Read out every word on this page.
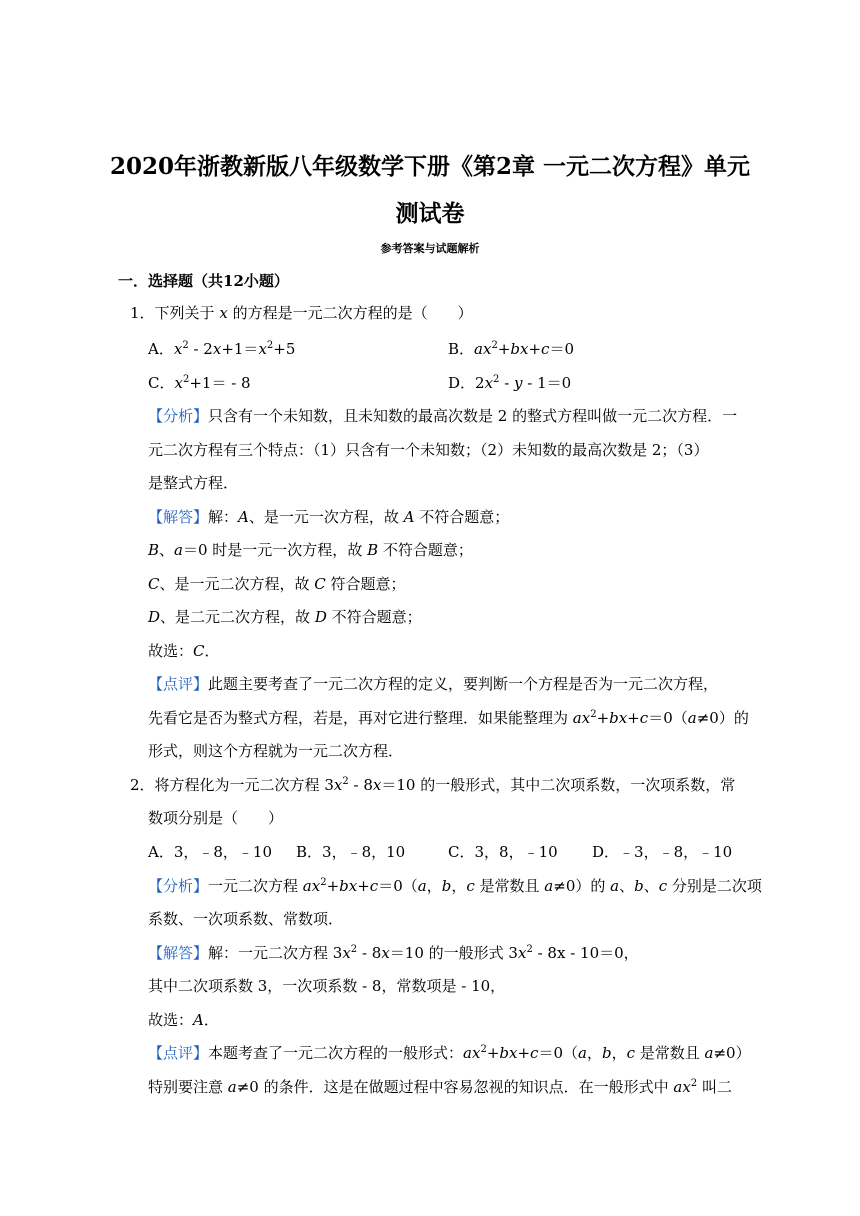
2020年浙教新版八年级数学下册《第2章 一元二次方程》单元
测试卷
参考答案与试题解析
一．选择题（共12小题）
1．下列关于 x 的方程是一元二次方程的是（　　）
A．$x^2 - 2x+1=x^2+5$	B．$ax^2+bx+c=0$
C．$x^2+1= - 8$	D．$2x^2 - y - 1=0$
【分析】只含有一个未知数，且未知数的最高次数是 2 的整式方程叫做一元二次方程．一
元二次方程有三个特点：（1）只含有一个未知数；（2）未知数的最高次数是 2；（3）
是整式方程．
【解答】解：A、是一元一次方程，故 A 不符合题意；
B、a＝0 时是一元一次方程，故 B 不符合题意；
C、是一元二次方程，故 C 符合题意；
D、是二元二次方程，故 D 不符合题意；
故选：C．
【点评】此题主要考查了一元二次方程的定义，要判断一个方程是否为一元二次方程，
先看它是否为整式方程，若是，再对它进行整理．如果能整理为 $ax^2+bx+c=0(a\ne 0)$的
形式，则这个方程就为一元二次方程．
2．将方程化为一元二次方程 $3x^2 - 8x=10$ 的一般形式，其中二次项系数，一次项系数，常
数项分别是（　　）
A．3，﹣8，﹣10 B．3，﹣8，10	C．3，8，﹣10 D．﹣3，﹣8，﹣10
【分析】一元二次方程 $ax^2+bx+c=0(a$，b，c 是常数且 a≠0）的 a、b、c 分别是二次项
系数、一次项系数、常数项．
【解答】解：一元二次方程 $3x^2 - 8x=10$ 的一般形式 $3x^2 - 8x - 10=0$，
其中二次项系数 3，一次项系数 - 8，常数项是 - 10，
故选：A．
【点评】本题考查了一元二次方程的一般形式：$ax^2+bx+c=0(a$，b，c 是常数且 a≠0）
特别要注意 a≠0 的条件．这是在做题过程中容易忽视的知识点．在一般形式中 $ax^2$ 叫二
